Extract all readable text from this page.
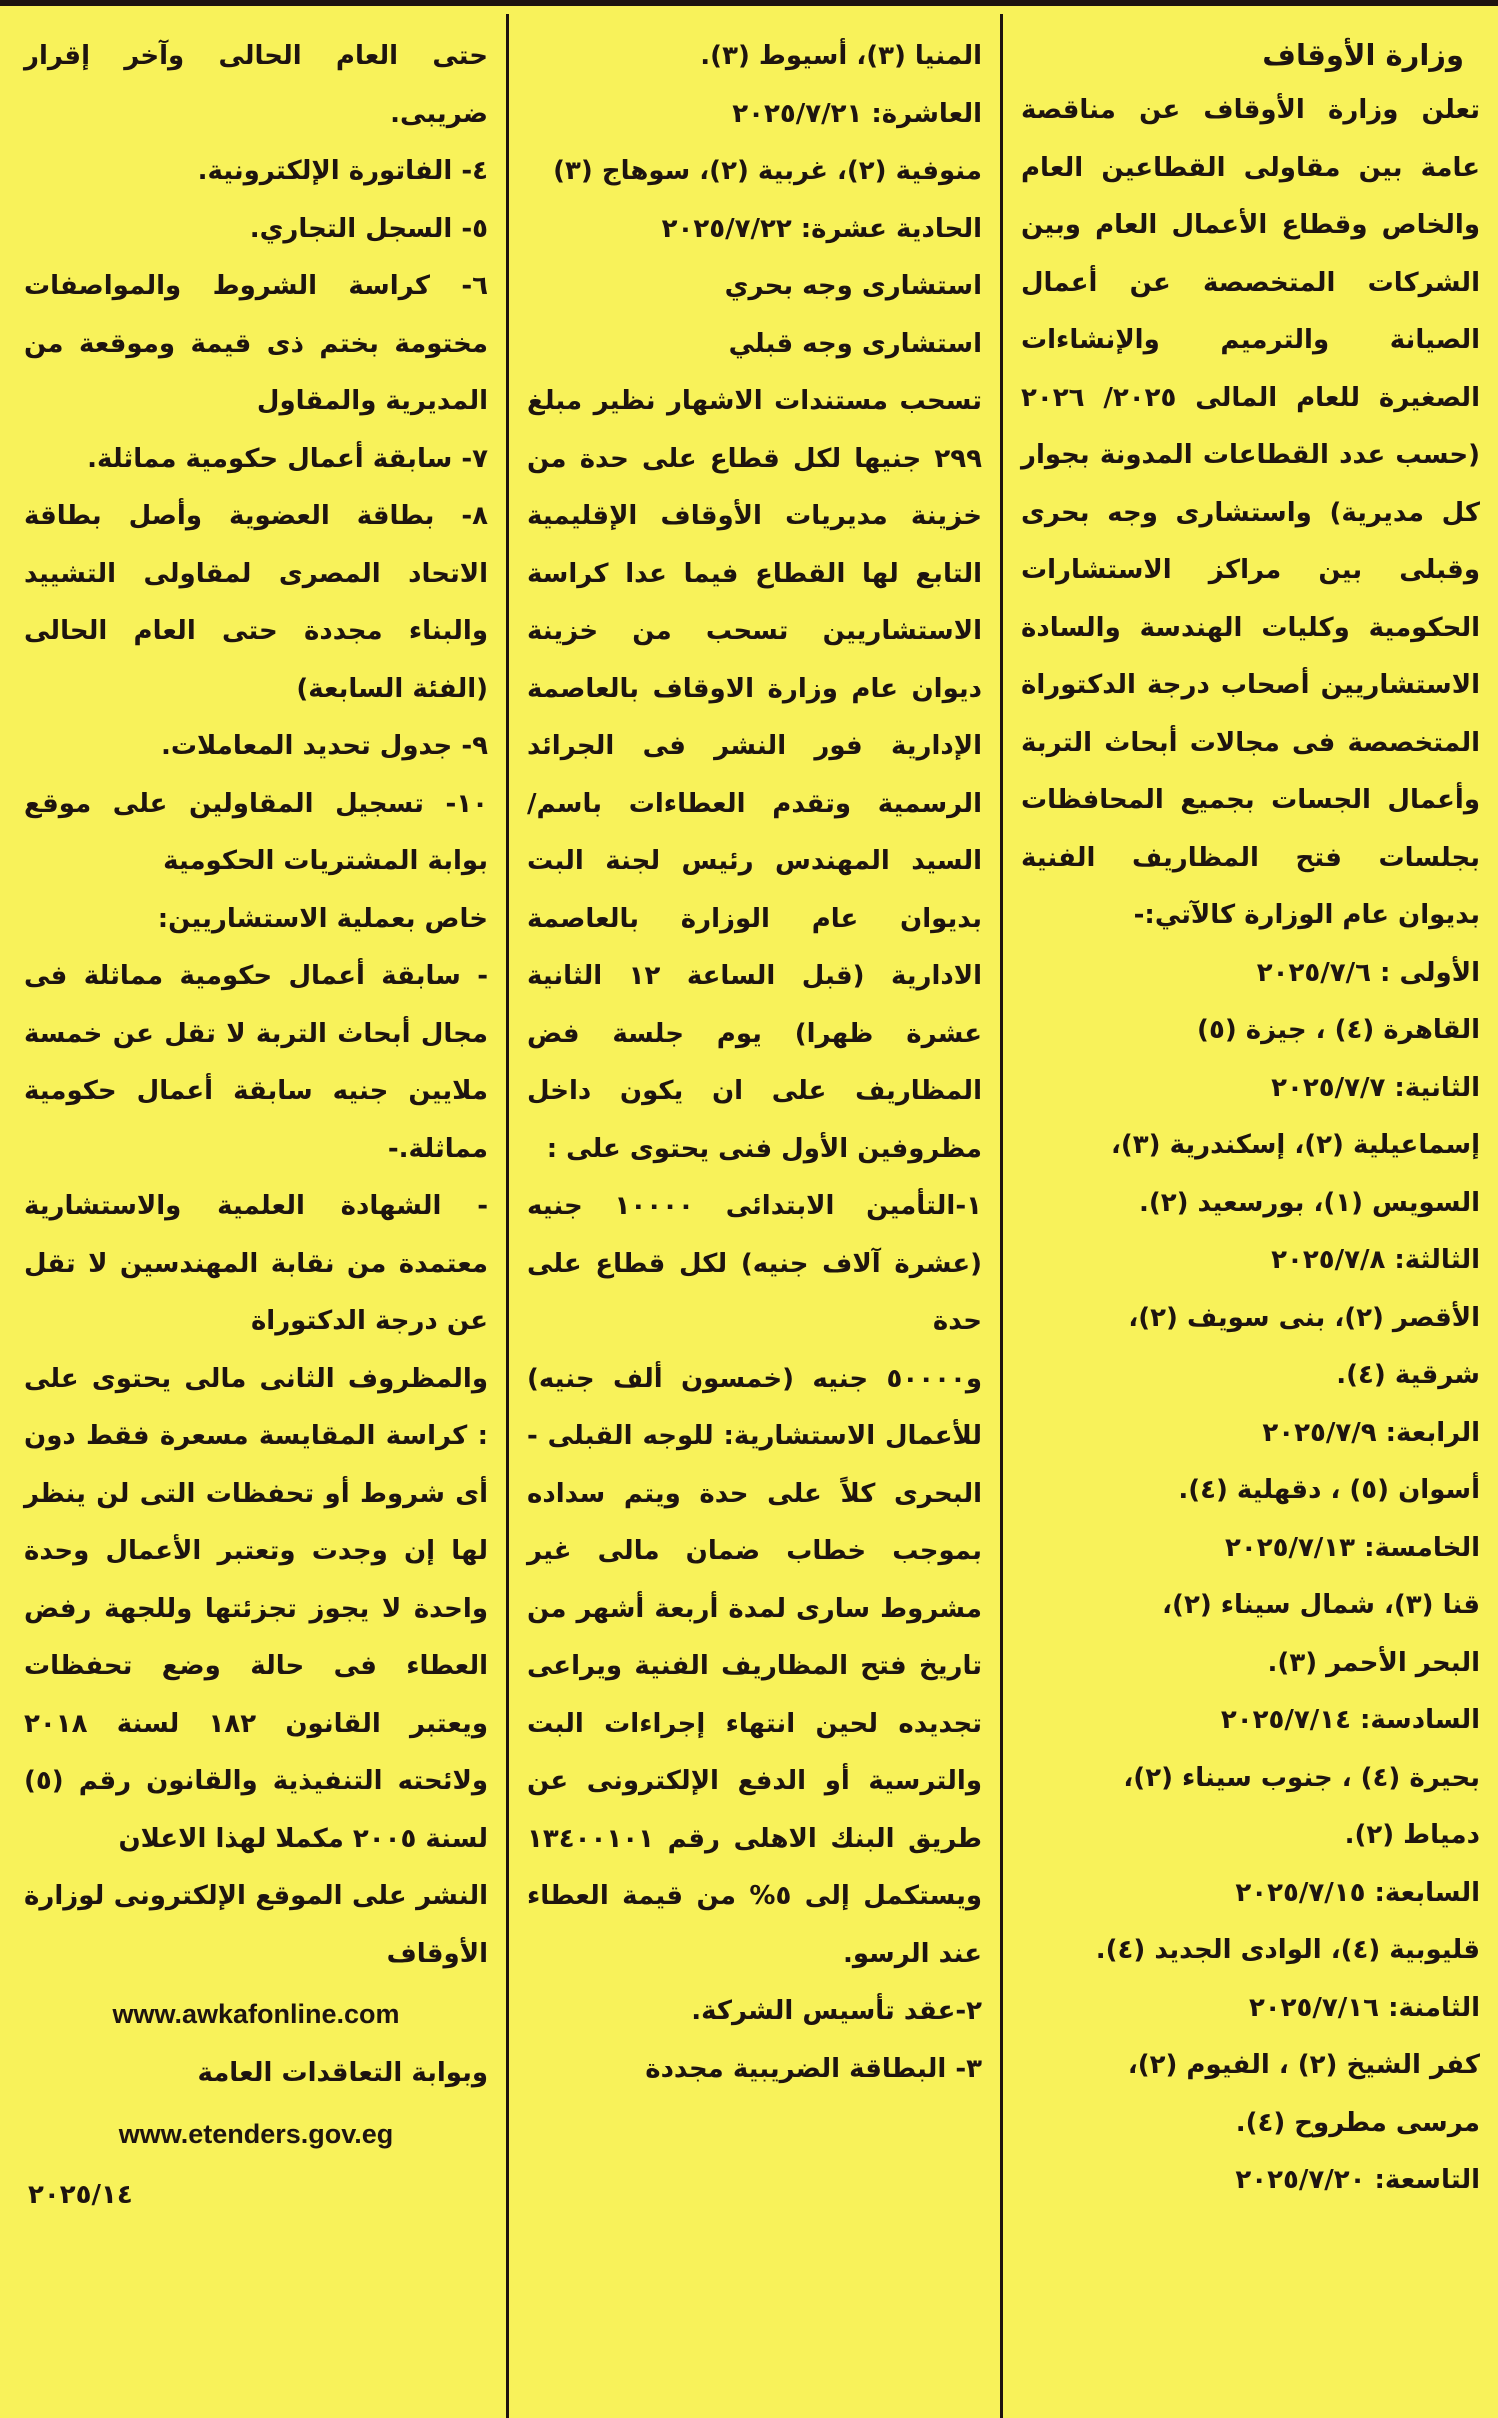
وزارة الأوقاف

تعلن وزارة الأوقاف عن مناقصة عامة بين مقاولى القطاعين العام والخاص وقطاع الأعمال العام وبين الشركات المتخصصة عن أعمال الصيانة والترميم والإنشاءات الصغيرة للعام المالى ٢٠٢٥/ ٢٠٢٦ (حسب عدد القطاعات المدونة بجوار كل مديرية) واستشارى وجه بحرى وقبلى بين مراكز الاستشارات الحكومية وكليات الهندسة والسادة الاستشاريين أصحاب درجة الدكتوراة المتخصصة فى مجالات أبحاث التربة وأعمال الجسات بجميع المحافظات بجلسات فتح المظاريف الفنية بديوان عام الوزارة كالآتي:-

الأولى : ٢٠٢٥/٧/٦

القاهرة (٤) ، جيزة (٥)

الثانية: ٢٠٢٥/٧/٧

إسماعيلية (٢)، إسكندرية (٣)،

السويس (١)، بورسعيد (٢).

الثالثة: ٢٠٢٥/٧/٨

الأقصر (٢)، بنى سويف (٢)،

شرقية (٤).

الرابعة: ٢٠٢٥/٧/٩

أسوان (٥) ، دقهلية (٤).

الخامسة: ٢٠٢٥/٧/١٣

قنا (٣)، شمال سيناء (٢)،

البحر الأحمر (٣).

السادسة: ٢٠٢٥/٧/١٤

بحيرة (٤) ، جنوب سيناء (٢)،

دمياط (٢).

السابعة: ٢٠٢٥/٧/١٥

قليوبية (٤)، الوادى الجديد (٤).

الثامنة: ٢٠٢٥/٧/١٦

كفر الشيخ (٢) ، الفيوم (٢)،

مرسى مطروح (٤).

التاسعة: ٢٠٢٥/٧/٢٠

المنيا (٣)، أسيوط (٣).

العاشرة: ٢٠٢٥/٧/٢١

منوفية (٢)، غربية (٢)، سوهاج (٣)

الحادية عشرة: ٢٠٢٥/٧/٢٢

استشارى وجه بحري

استشارى وجه قبلي

تسحب مستندات الاشهار نظير مبلغ ٢٩٩ جنيها لكل قطاع على حدة من خزينة مديريات الأوقاف الإقليمية التابع لها القطاع فيما عدا كراسة الاستشاريين تسحب من خزينة ديوان عام وزارة الاوقاف بالعاصمة الإدارية فور النشر فى الجرائد الرسمية وتقدم العطاءات باسم/ السيد المهندس رئيس لجنة البت بديوان عام الوزارة بالعاصمة الادارية (قبل الساعة ١٢ الثانية عشرة ظهرا) يوم جلسة فض المظاريف على ان يكون داخل مظروفين الأول فنى يحتوى على :

١-التأمين الابتدائى ١٠٠٠٠ جنيه (عشرة آلاف جنيه) لكل قطاع على حدة

و٥٠٠٠٠ جنيه (خمسون ألف جنيه) للأعمال الاستشارية: للوجه القبلى - البحرى كلاً على حدة ويتم سداده بموجب خطاب ضمان مالى غير مشروط سارى لمدة أربعة أشهر من تاريخ فتح المظاريف الفنية ويراعى تجديده لحين انتهاء إجراءات البت والترسية أو الدفع الإلكترونى عن طريق البنك الاهلى رقم ١٣٤٠٠١٠١ ويستكمل إلى ٥% من قيمة العطاء عند الرسو.

٢-عقد تأسيس الشركة.

٣- البطاقة الضريبية مجددة

حتى العام الحالى وآخر إقرار ضريبى.

٤- الفاتورة الإلكترونية.

٥- السجل التجاري.

٦- كراسة الشروط والمواصفات مختومة بختم ذى قيمة وموقعة من المديرية والمقاول

٧- سابقة أعمال حكومية مماثلة.

٨- بطاقة العضوية وأصل بطاقة الاتحاد المصرى لمقاولى التشييد والبناء مجددة حتى العام الحالى (الفئة السابعة)

٩- جدول تحديد المعاملات.

١٠- تسجيل المقاولين على موقع بوابة المشتريات الحكومية

خاص بعملية الاستشاريين:

- سابقة أعمال حكومية مماثلة فى مجال أبحاث التربة لا تقل عن خمسة ملايين جنيه سابقة أعمال حكومية مماثلة.-

- الشهادة العلمية والاستشارية معتمدة من نقابة المهندسين لا تقل عن درجة الدكتوراة

والمظروف الثانى مالى يحتوى على : كراسة المقايسة مسعرة فقط دون أى شروط أو تحفظات التى لن ينظر لها إن وجدت وتعتبر الأعمال وحدة واحدة لا يجوز تجزئتها وللجهة رفض العطاء فى حالة وضع تحفظات ويعتبر القانون ١٨٢ لسنة ٢٠١٨ ولائحته التنفيذية والقانون رقم (٥) لسنة ٢٠٠٥ مكملا لهذا الاعلان

النشر على الموقع الإلكترونى لوزارة الأوقاف

www.awkafonline.com

وبوابة التعاقدات العامة

www.etenders.gov.eg

٢٠٢٥/١٤
